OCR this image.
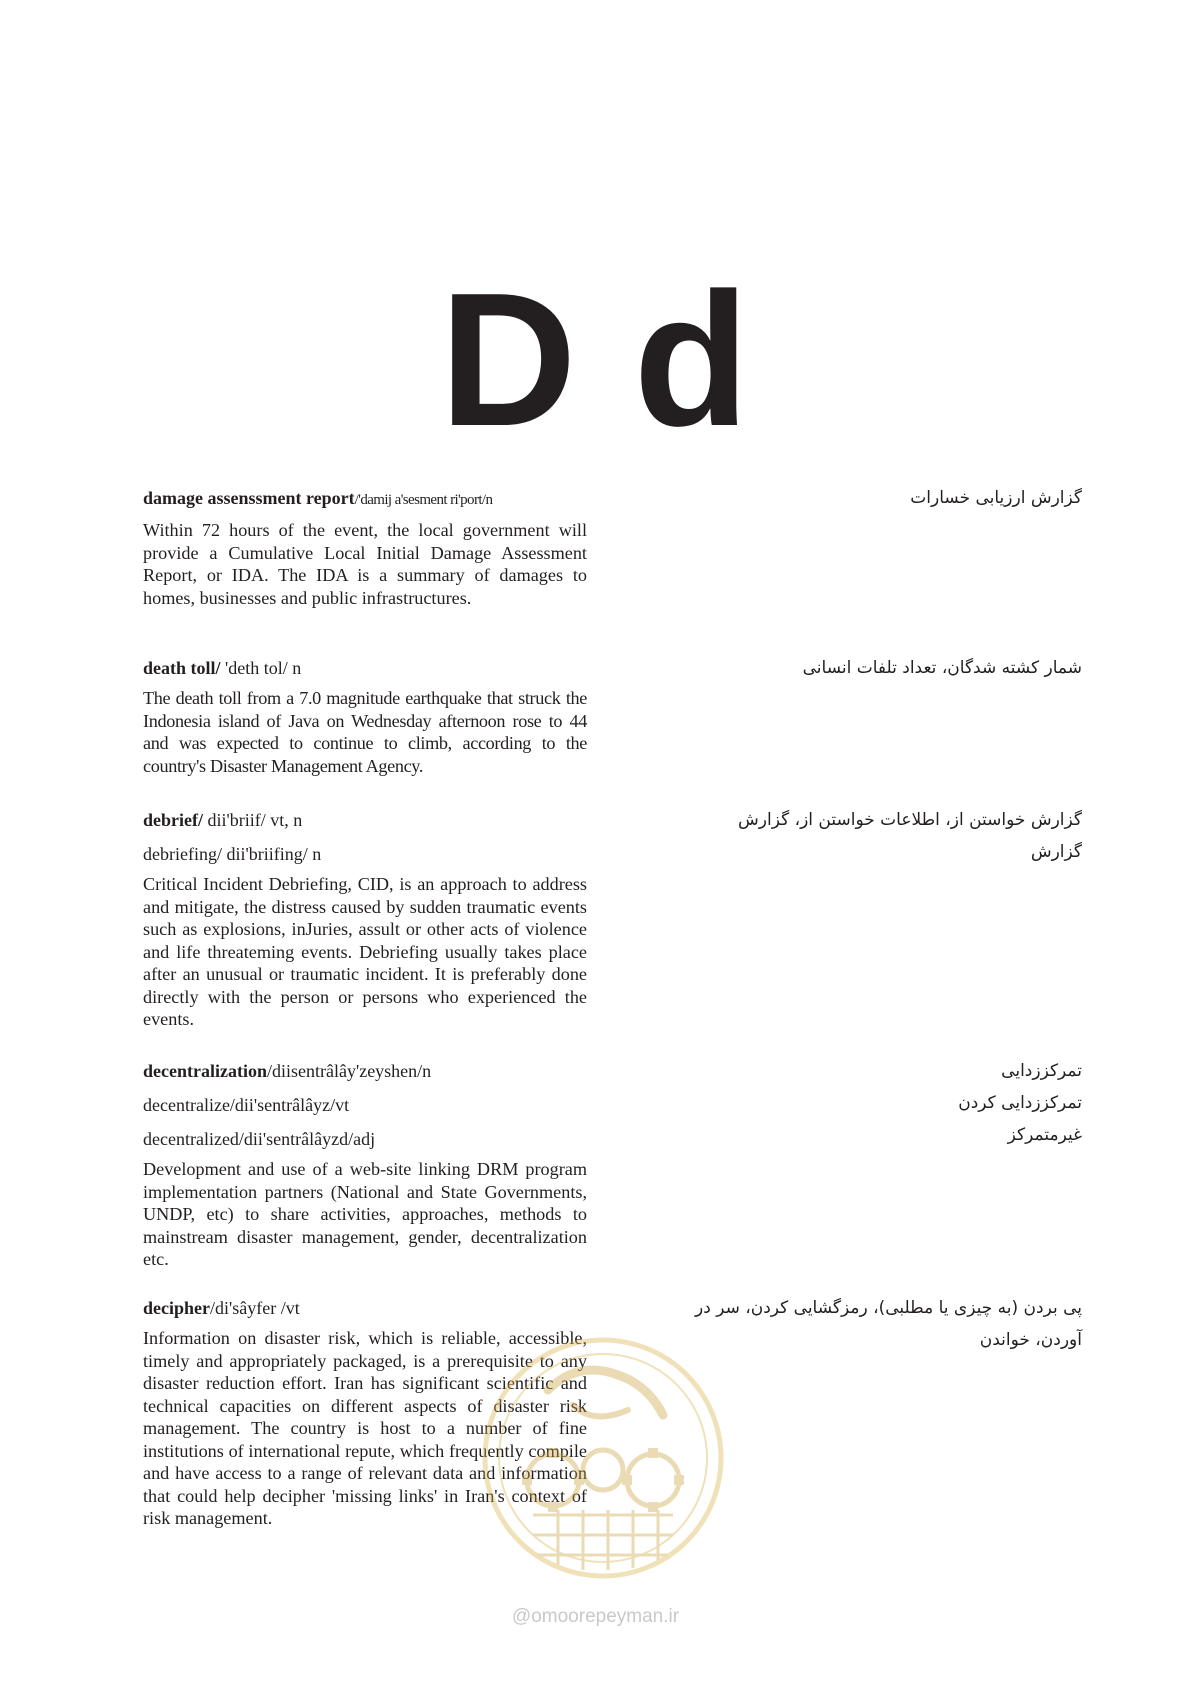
D d

damage assenssment report/'damij a'sesment ri'port/n

Within 72 hours of the event, the local government will provide a Cumulative Local Initial Damage Assessment Report, or IDA. The IDA is a summary of damages to homes, businesses and public infrastructures.

گزارش ارزیابی خسارات

death toll/ 'deth tol/ n

The death toll from a 7.0 magnitude earthquake that struck the Indonesia island of Java on Wednesday afternoon rose to 44 and was expected to continue to climb, according to the country's Disaster Management Agency.

شمار کشته شدگان، تعداد تلفات انسانی

debrief/ dii'briif/ vt, n

debriefing/ dii'briifing/ n

Critical Incident Debriefing, CID, is an approach to address and mitigate, the distress caused by sudden traumatic events such as explosions, inJuries, assult or other acts of violence and life threateming events. Debriefing usually takes place after an unusual or traumatic incident. It is preferably done directly with the person or persons who experienced the events.

گزارش خواستن از، اطلاعات خواستن از، گزارش
گزارش

decentralization/diisentrâlây'zeyshen/n

decentralize/dii'sentrâlâyz/vt

decentralized/dii'sentrâlâyzd/adj

Development and use of a web-site linking DRM program implementation partners (National and State Governments, UNDP, etc) to share activities, approaches, methods to mainstream disaster management, gender, decentralization etc.

تمرکززدایی
تمرکززدایی کردن
غیرمتمرکز

decipher/di'sâyfer /vt

Information on disaster risk, which is reliable, accessible, timely and appropriately packaged, is a prerequisite to any disaster reduction effort. Iran has significant scientific and technical capacities on different aspects of disaster risk management. The country is host to a number of fine institutions of international repute, which frequently compile and have access to a range of relevant data and information that could help decipher 'missing links' in Iran's context of risk management.

پی بردن (به چیزی یا مطلبی)، رمزگشایی کردن، سر در
آوردن، خواندن
@omoorepeyman.ir
